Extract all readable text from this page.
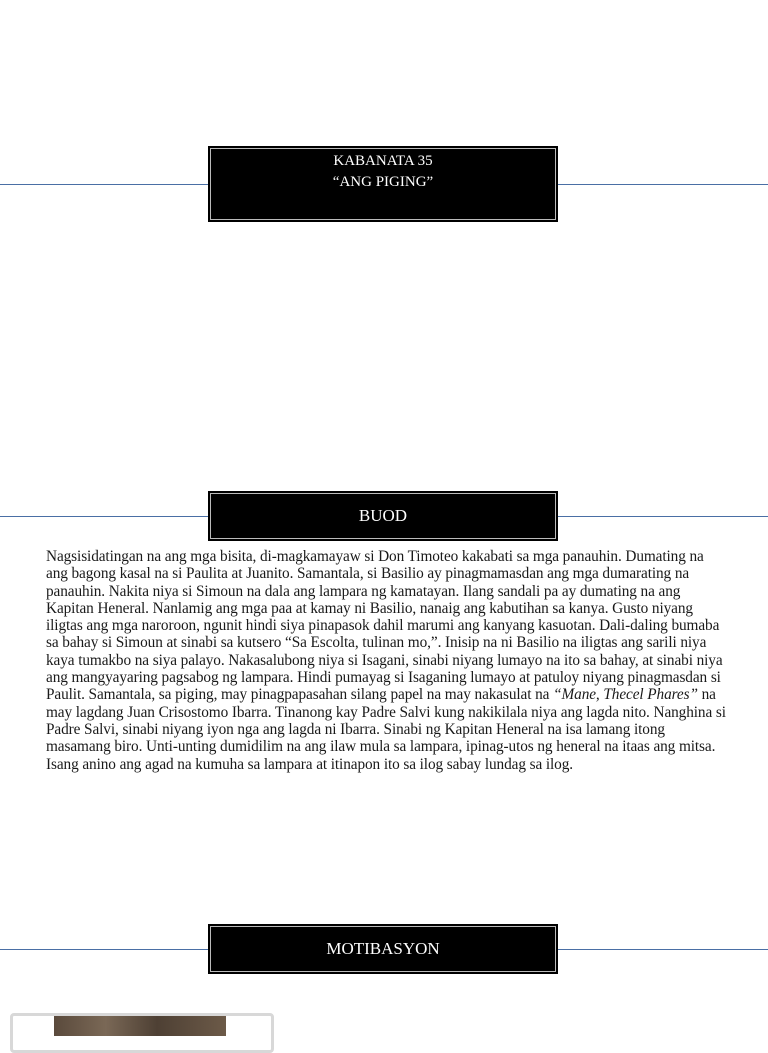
KABANATA 35
“ANG PIGING”
BUOD

Nagsisidatingan na ang mga bisita, di-magkamayaw si Don Timoteo kakabati sa mga panauhin. Dumating na ang bagong kasal na si Paulita at Juanito. Samantala, si Basilio ay pinagmamasdan ang mga dumarating na panauhin. Nakita niya si Simoun na dala ang lampara ng kamatayan. Ilang sandali pa ay dumating na ang Kapitan Heneral. Nanlamig ang mga paa at kamay ni Basilio, nanaig ang kabutihan sa kanya. Gusto niyang iligtas ang mga naroroon, ngunit hindi siya pinapasok dahil marumi ang kanyang kasuotan. Dali-daling bumaba sa bahay si Simoun at sinabi sa kutsero “Sa Escolta, tulinan mo,”. Inisip na ni Basilio na iligtas ang sarili niya kaya tumakbo na siya palayo. Nakasalubong niya si Isagani, sinabi niyang lumayo na ito sa bahay, at sinabi niya ang mangyayaring pagsabog ng lampara. Hindi pumayag si Isaganing lumayo at patuloy niyang pinagmasdan si Paulit. Samantala, sa piging, may pinagpapasahan silang papel na may nakasulat na “Mane, Thecel Phares” na may lagdang Juan Crisostomo Ibarra. Tinanong kay Padre Salvi kung nakikilala niya ang lagda nito. Nanghina si Padre Salvi, sinabi niyang iyon nga ang lagda ni Ibarra. Sinabi ng Kapitan Heneral na isa lamang itong masamang biro. Unti-unting dumidilim na ang ilaw mula sa lampara, ipinag-utos ng heneral na itaas ang mitsa. Isang anino ang agad na kumuha sa lampara at itinapon ito sa ilog sabay lundag sa ilog.

MOTIBASYON
